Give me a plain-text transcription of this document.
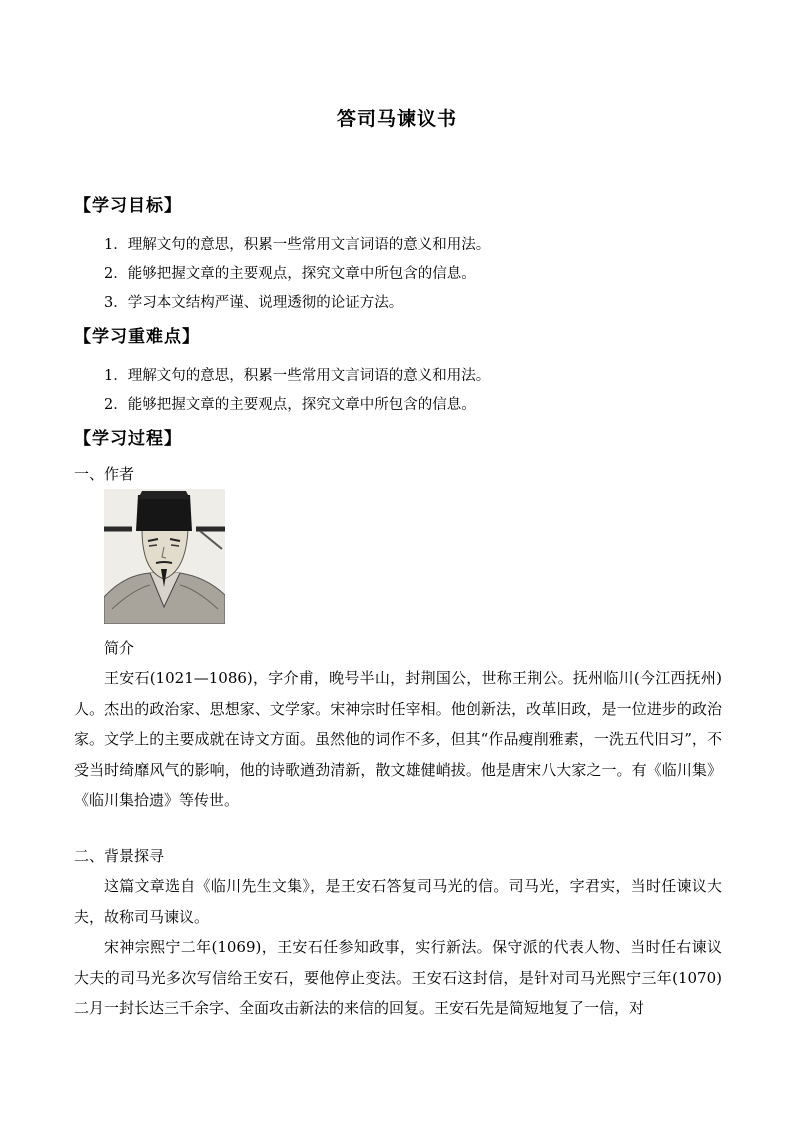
答司马谏议书
【学习目标】
1．理解文句的意思，积累一些常用文言词语的意义和用法。
2．能够把握文章的主要观点，探究文章中所包含的信息。
3．学习本文结构严谨、说理透彻的论证方法。
【学习重难点】
1．理解文句的意思，积累一些常用文言词语的意义和用法。
2．能够把握文章的主要观点，探究文章中所包含的信息。
【学习过程】
一、作者
简介
王安石(1021—1086)，字介甫，晚号半山，封荆国公，世称王荆公。抚州临川(今江西抚州)人。杰出的政治家、思想家、文学家。宋神宗时任宰相。他创新法，改革旧政，是一位进步的政治家。文学上的主要成就在诗文方面。虽然他的词作不多，但其“作品瘦削雅素，一洗五代旧习”，不受当时绮靡风气的影响，他的诗歌遒劲清新，散文雄健峭拔。他是唐宋八大家之一。有《临川集》《临川集拾遗》等传世。
二、背景探寻
这篇文章选自《临川先生文集》，是王安石答复司马光的信。司马光，字君实，当时任谏议大夫，故称司马谏议。
宋神宗熙宁二年(1069)，王安石任参知政事，实行新法。保守派的代表人物、当时任右谏议大夫的司马光多次写信给王安石，要他停止变法。王安石这封信，是针对司马光熙宁三年(1070)二月一封长达三千余字、全面攻击新法的来信的回复。王安石先是简短地复了一信，对
